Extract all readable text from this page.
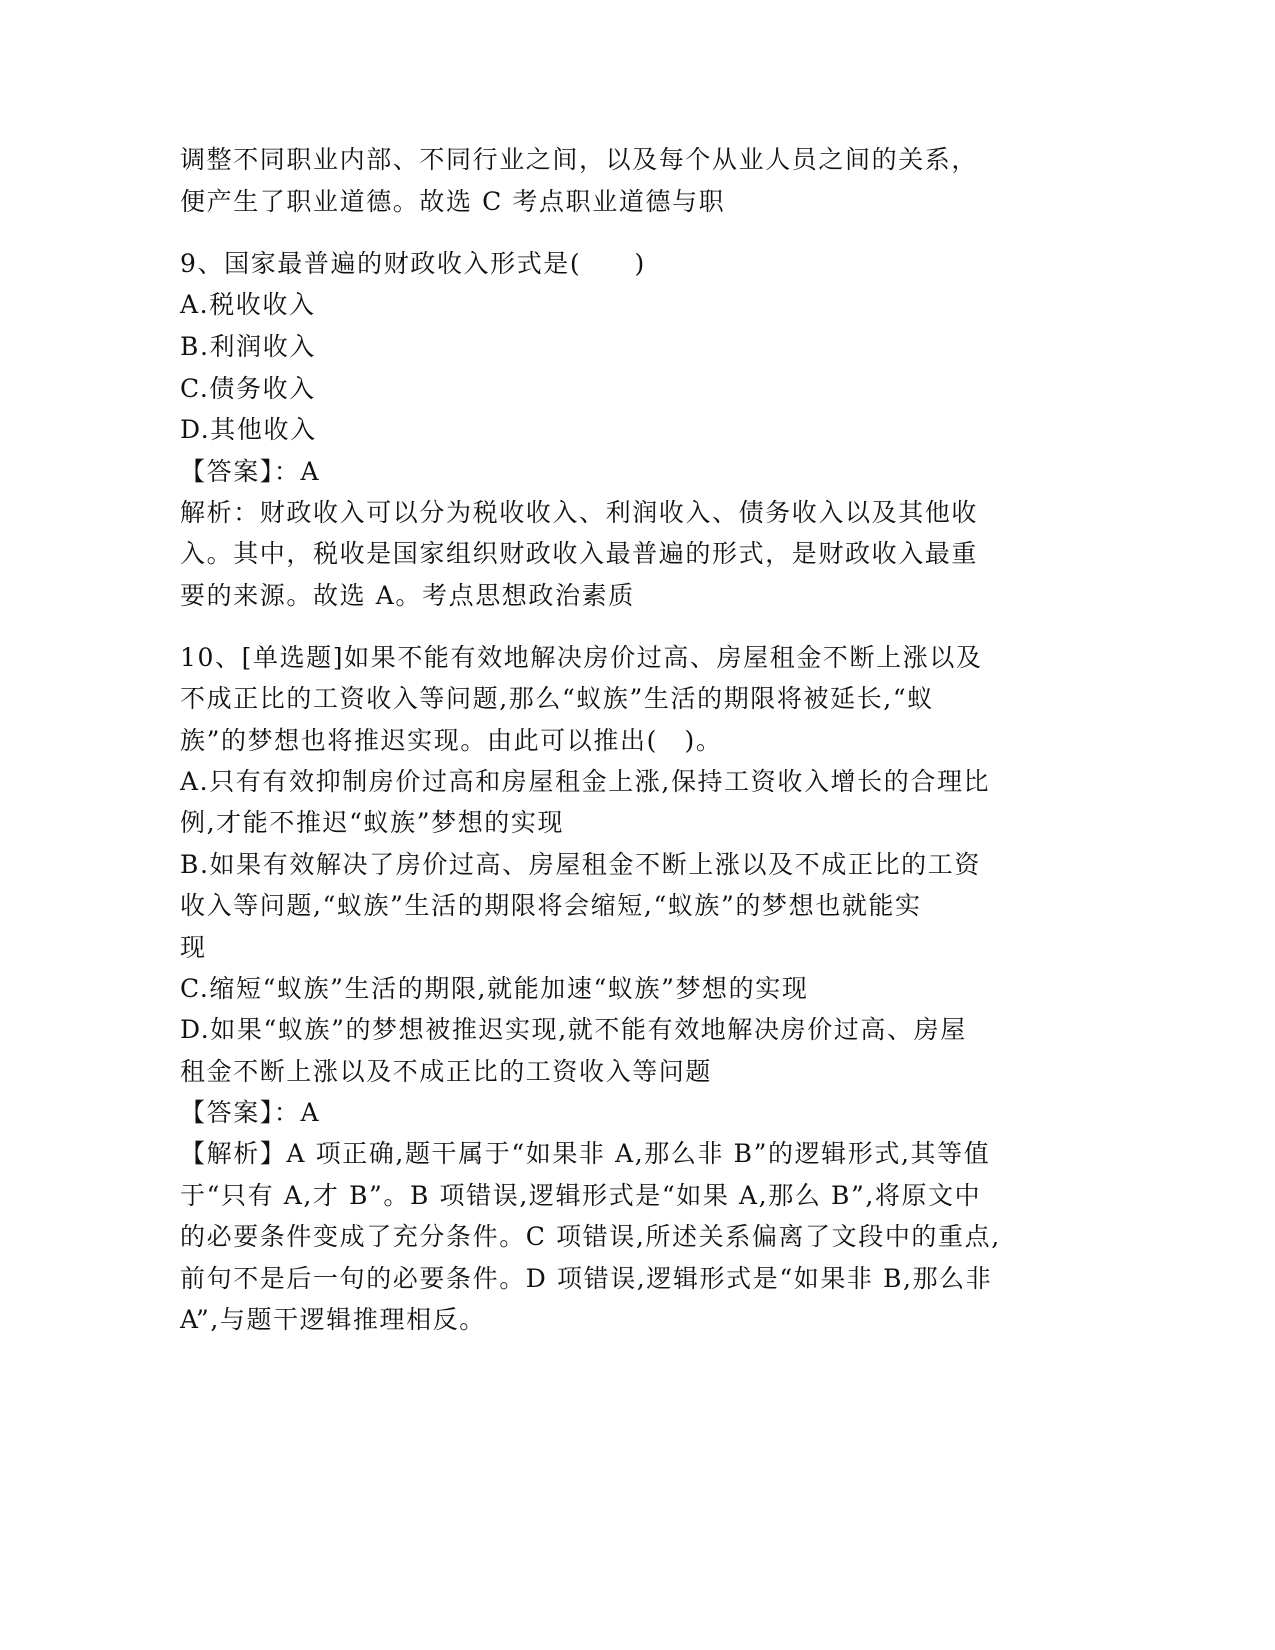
调整不同职业内部、不同行业之间，以及每个从业人员之间的关系，
便产生了职业道德。故选 C 考点职业道德与职
9、国家最普遍的财政收入形式是(　　)
A.税收收入
B.利润收入
C.债务收入
D.其他收入
【答案】：A
解析：财政收入可以分为税收收入、利润收入、债务收入以及其他收
入。其中，税收是国家组织财政收入最普遍的形式，是财政收入最重
要的来源。故选 A。考点思想政治素质
10、[单选题]如果不能有效地解决房价过高、房屋租金不断上涨以及
不成正比的工资收入等问题,那么“蚁族”生活的期限将被延长,“蚁
族”的梦想也将推迟实现。由此可以推出(　)。
A.只有有效抑制房价过高和房屋租金上涨,保持工资收入增长的合理比
例,才能不推迟“蚁族”梦想的实现
B.如果有效解决了房价过高、房屋租金不断上涨以及不成正比的工资
收入等问题,“蚁族”生活的期限将会缩短,“蚁族”的梦想也就能实
现
C.缩短“蚁族”生活的期限,就能加速“蚁族”梦想的实现
D.如果“蚁族”的梦想被推迟实现,就不能有效地解决房价过高、房屋
租金不断上涨以及不成正比的工资收入等问题
【答案】：A
【解析】A 项正确,题干属于“如果非 A,那么非 B”的逻辑形式,其等值
于“只有 A,才 B”。B 项错误,逻辑形式是“如果 A,那么 B”,将原文中
的必要条件变成了充分条件。C 项错误,所述关系偏离了文段中的重点,
前句不是后一句的必要条件。D 项错误,逻辑形式是“如果非 B,那么非
A”,与题干逻辑推理相反。
